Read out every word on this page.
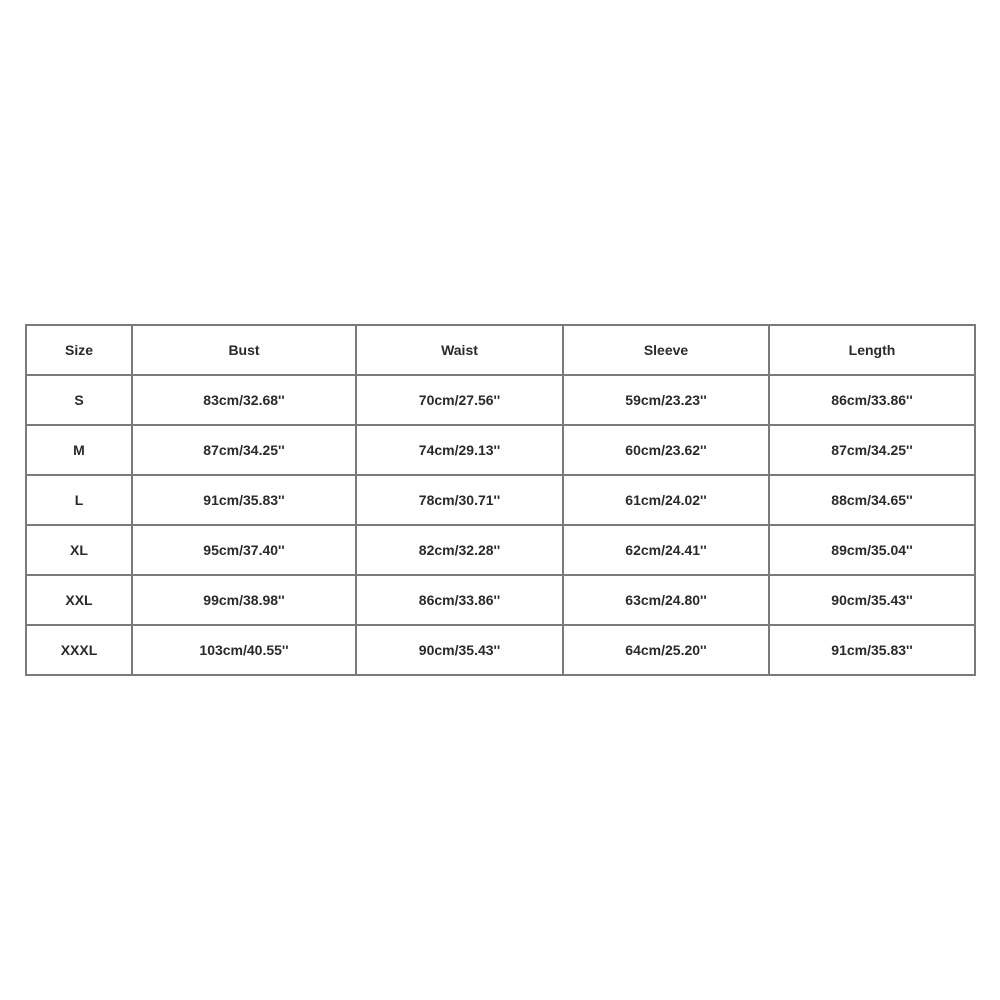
Size	Bust	Waist	Sleeve	Length
S	83cm/32.68''	70cm/27.56''	59cm/23.23''	86cm/33.86''
M	87cm/34.25''	74cm/29.13''	60cm/23.62''	87cm/34.25''
L	91cm/35.83''	78cm/30.71''	61cm/24.02''	88cm/34.65''
XL	95cm/37.40''	82cm/32.28''	62cm/24.41''	89cm/35.04''
XXL	99cm/38.98''	86cm/33.86''	63cm/24.80''	90cm/35.43''
XXXL	103cm/40.55''	90cm/35.43''	64cm/25.20''	91cm/35.83''
